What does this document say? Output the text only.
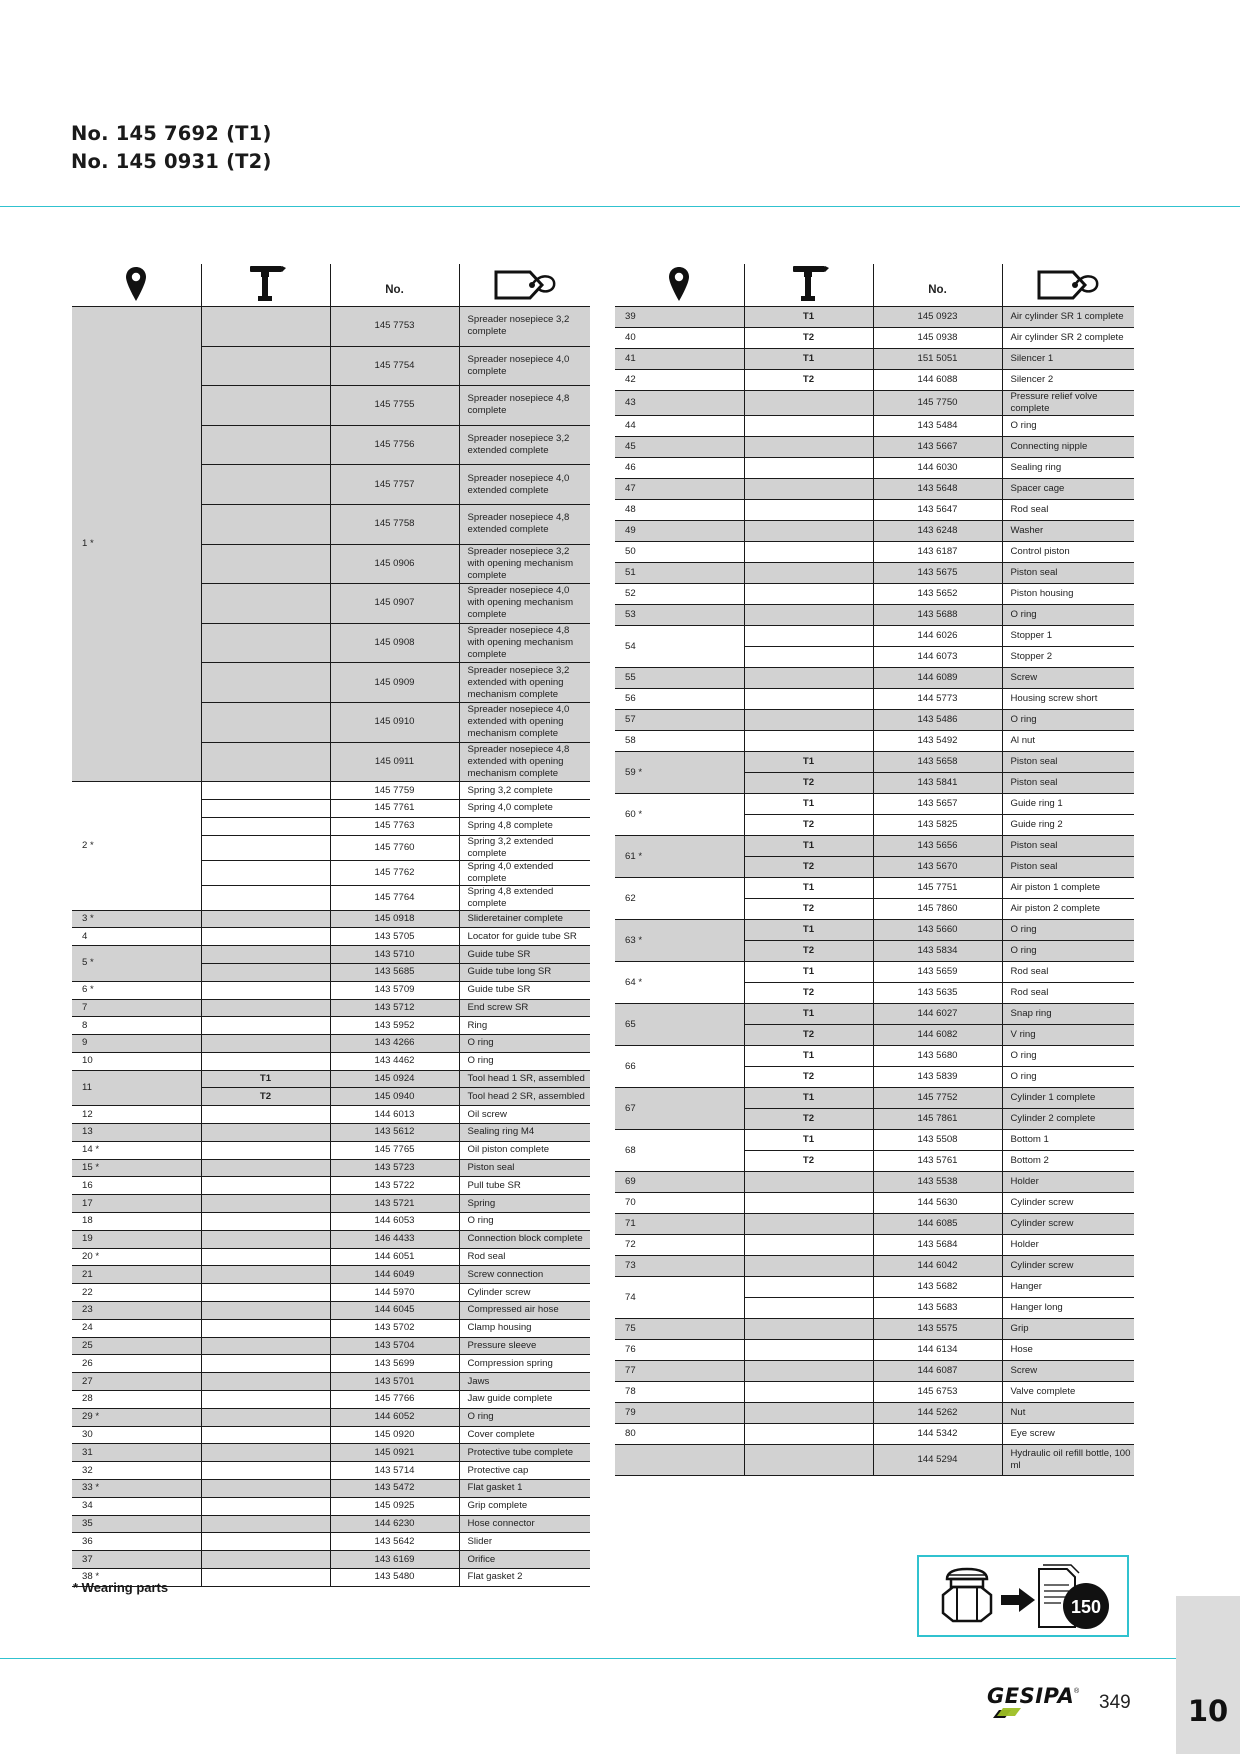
No. 145 7692 (T1)
No. 145 0931 (T2)
		No.	
1 *		145 7753	Spreader nosepiece 3,2 complete
		145 7754	Spreader nosepiece 4,0 complete
		145 7755	Spreader nosepiece 4,8 complete
		145 7756	Spreader nosepiece 3,2 extended complete
		145 7757	Spreader nosepiece 4,0 extended complete
		145 7758	Spreader nosepiece 4,8 extended complete
		145 0906	Spreader nosepiece 3,2 with opening mechanism complete
		145 0907	Spreader nosepiece 4,0 with opening mechanism complete
		145 0908	Spreader nosepiece 4,8 with opening mechanism complete
		145 0909	Spreader nosepiece 3,2 extended with opening mechanism complete
		145 0910	Spreader nosepiece 4,0 extended with opening mechanism complete
		145 0911	Spreader nosepiece 4,8 extended with opening mechanism complete
2 *		145 7759	Spring 3,2 complete
		145 7761	Spring 4,0 complete
		145 7763	Spring 4,8 complete
		145 7760	Spring 3,2 extended complete
		145 7762	Spring 4,0 extended complete
		145 7764	Spring 4,8 extended complete
3 *		145 0918	Slideretainer complete
4		143 5705	Locator for guide tube SR
5 *		143 5710	Guide tube SR
		143 5685	Guide tube long SR
6 *		143 5709	Guide tube SR
7		143 5712	End screw SR
8		143 5952	Ring
9		143 4266	O ring
10		143 4462	O ring
11	T1	145 0924	Tool head 1 SR, assembled
	T2	145 0940	Tool head 2 SR, assembled
12		144 6013	Oil screw
13		143 5612	Sealing ring M4
14 *		145 7765	Oil piston complete
15 *		143 5723	Piston seal
16		143 5722	Pull tube SR
17		143 5721	Spring
18		144 6053	O ring
19		146 4433	Connection block complete
20 *		144 6051	Rod seal
21		144 6049	Screw connection
22		144 5970	Cylinder screw
23		144 6045	Compressed air hose
24		143 5702	Clamp housing
25		143 5704	Pressure sleeve
26		143 5699	Compression spring
27		143 5701	Jaws
28		145 7766	Jaw guide complete
29 *		144 6052	O ring
30		145 0920	Cover complete
31		145 0921	Protective tube complete
32		143 5714	Protective cap
33 *		143 5472	Flat gasket 1
34		145 0925	Grip complete
35		144 6230	Hose connector
36		143 5642	Slider
37		143 6169	Orifice
38 *		143 5480	Flat gasket 2
		No.	
39	T1	145 0923	Air cylinder SR 1 complete
40	T2	145 0938	Air cylinder SR 2 complete
41	T1	151 5051	Silencer 1
42	T2	144 6088	Silencer 2
43		145 7750	Pressure relief volve complete
44		143 5484	O ring
45		143 5667	Connecting nipple
46		144 6030	Sealing ring
47		143 5648	Spacer cage
48		143 5647	Rod seal
49		143 6248	Washer
50		143 6187	Control piston
51		143 5675	Piston seal
52		143 5652	Piston housing
53		143 5688	O ring
54		144 6026	Stopper 1
		144 6073	Stopper 2
55		144 6089	Screw
56		144 5773	Housing screw short
57		143 5486	O ring
58		143 5492	Al nut
59 *	T1	143 5658	Piston seal
	T2	143 5841	Piston seal
60 *	T1	143 5657	Guide ring 1
	T2	143 5825	Guide ring 2
61 *	T1	143 5656	Piston seal
	T2	143 5670	Piston seal
62	T1	145 7751	Air piston 1 complete
	T2	145 7860	Air piston 2 complete
63 *	T1	143 5660	O ring
	T2	143 5834	O ring
64 *	T1	143 5659	Rod seal
	T2	143 5635	Rod seal
65	T1	144 6027	Snap ring
	T2	144 6082	V ring
66	T1	143 5680	O ring
	T2	143 5839	O ring
67	T1	145 7752	Cylinder 1 complete
	T2	145 7861	Cylinder 2 complete
68	T1	143 5508	Bottom 1
	T2	143 5761	Bottom 2
69		143 5538	Holder
70		144 5630	Cylinder screw
71		144 6085	Cylinder screw
72		143 5684	Holder
73		144 6042	Cylinder screw
74		143 5682	Hanger
		143 5683	Hanger long
75		143 5575	Grip
76		144 6134	Hose
77		144 6087	Screw
78		145 6753	Valve complete
79		144 5262	Nut
80		144 5342	Eye screw
		144 5294	Hydraulic oil refill bottle, 100 ml
* Wearing parts
150
GESIPA ®
349	10
